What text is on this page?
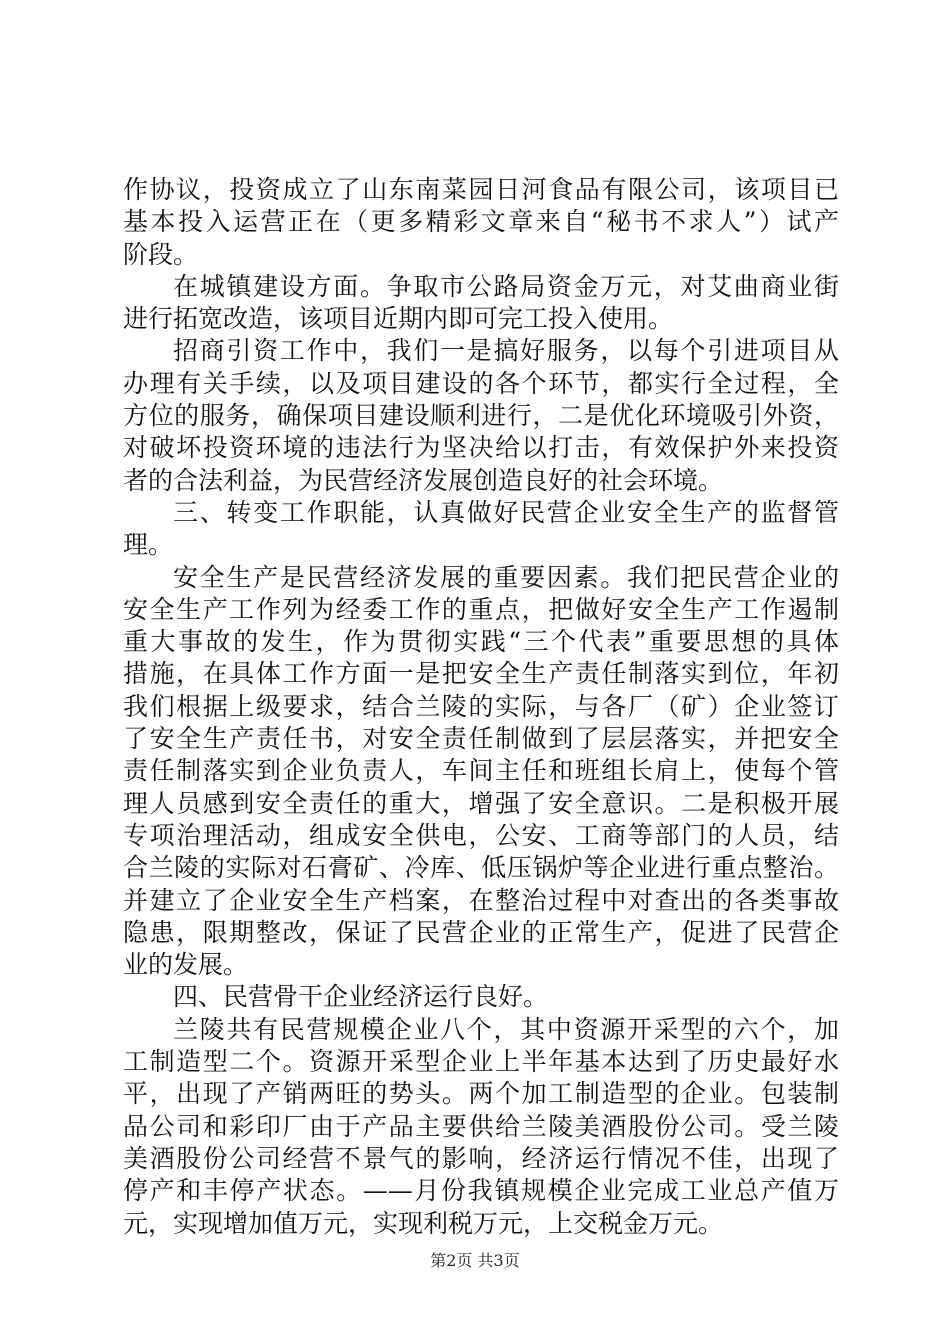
作协议，投资成立了山东南菜园日河食品有限公司，该项目已
基本投入运营正在（更多精彩文章来自“秘书不求人”）试产
阶段。
在城镇建设方面。争取市公路局资金万元，对艾曲商业街
进行拓宽改造，该项目近期内即可完工投入使用。
招商引资工作中，我们一是搞好服务，以每个引进项目从
办理有关手续，以及项目建设的各个环节，都实行全过程，全
方位的服务，确保项目建设顺利进行，二是优化环境吸引外资，
对破坏投资环境的违法行为坚决给以打击，有效保护外来投资
者的合法利益，为民营经济发展创造良好的社会环境。
三、转变工作职能，认真做好民营企业安全生产的监督管
理。
安全生产是民营经济发展的重要因素。我们把民营企业的
安全生产工作列为经委工作的重点，把做好安全生产工作遏制
重大事故的发生，作为贯彻实践“三个代表”重要思想的具体
措施，在具体工作方面一是把安全生产责任制落实到位，年初
我们根据上级要求，结合兰陵的实际，与各厂（矿）企业签订
了安全生产责任书，对安全责任制做到了层层落实，并把安全
责任制落实到企业负责人，车间主任和班组长肩上，使每个管
理人员感到安全责任的重大，增强了安全意识。二是积极开展
专项治理活动，组成安全供电，公安、工商等部门的人员，结
合兰陵的实际对石膏矿、冷库、低压锅炉等企业进行重点整治。
并建立了企业安全生产档案，在整治过程中对查出的各类事故
隐患，限期整改，保证了民营企业的正常生产，促进了民营企
业的发展。
四、民营骨干企业经济运行良好。
兰陵共有民营规模企业八个，其中资源开采型的六个，加
工制造型二个。资源开采型企业上半年基本达到了历史最好水
平，出现了产销两旺的势头。两个加工制造型的企业。包装制
品公司和彩印厂由于产品主要供给兰陵美酒股份公司。受兰陵
美酒股份公司经营不景气的影响，经济运行情况不佳，出现了
停产和丰停产状态。——月份我镇规模企业完成工业总产值万
元，实现增加值万元，实现利税万元，上交税金万元。
第2页 共3页
